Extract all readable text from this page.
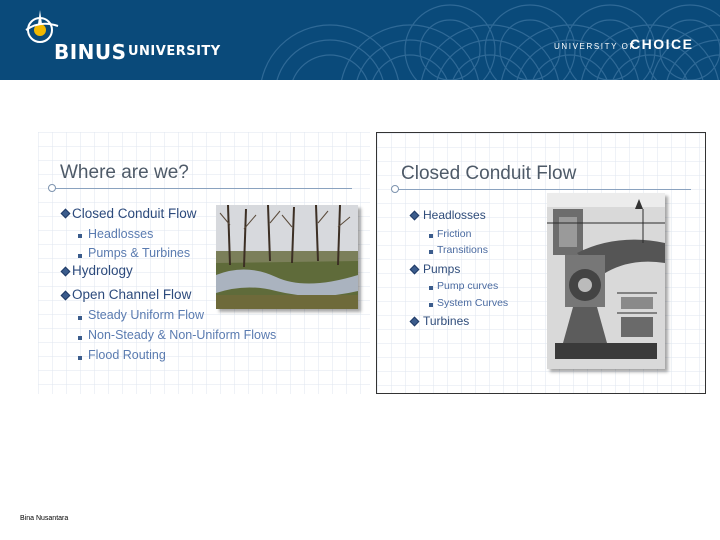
BINUS UNIVERSITY	UNIVERSITY OF
CHOICE
Where are we?
Closed Conduit Flow
Headlosses
Pumps & Turbines
Hydrology
Open Channel Flow
Steady Uniform Flow
Non-Steady & Non-Uniform Flows
Flood Routing
Closed Conduit Flow
Headlosses
Friction
Transitions
Pumps
Pump curves
System Curves
Turbines
Bina Nusantara
